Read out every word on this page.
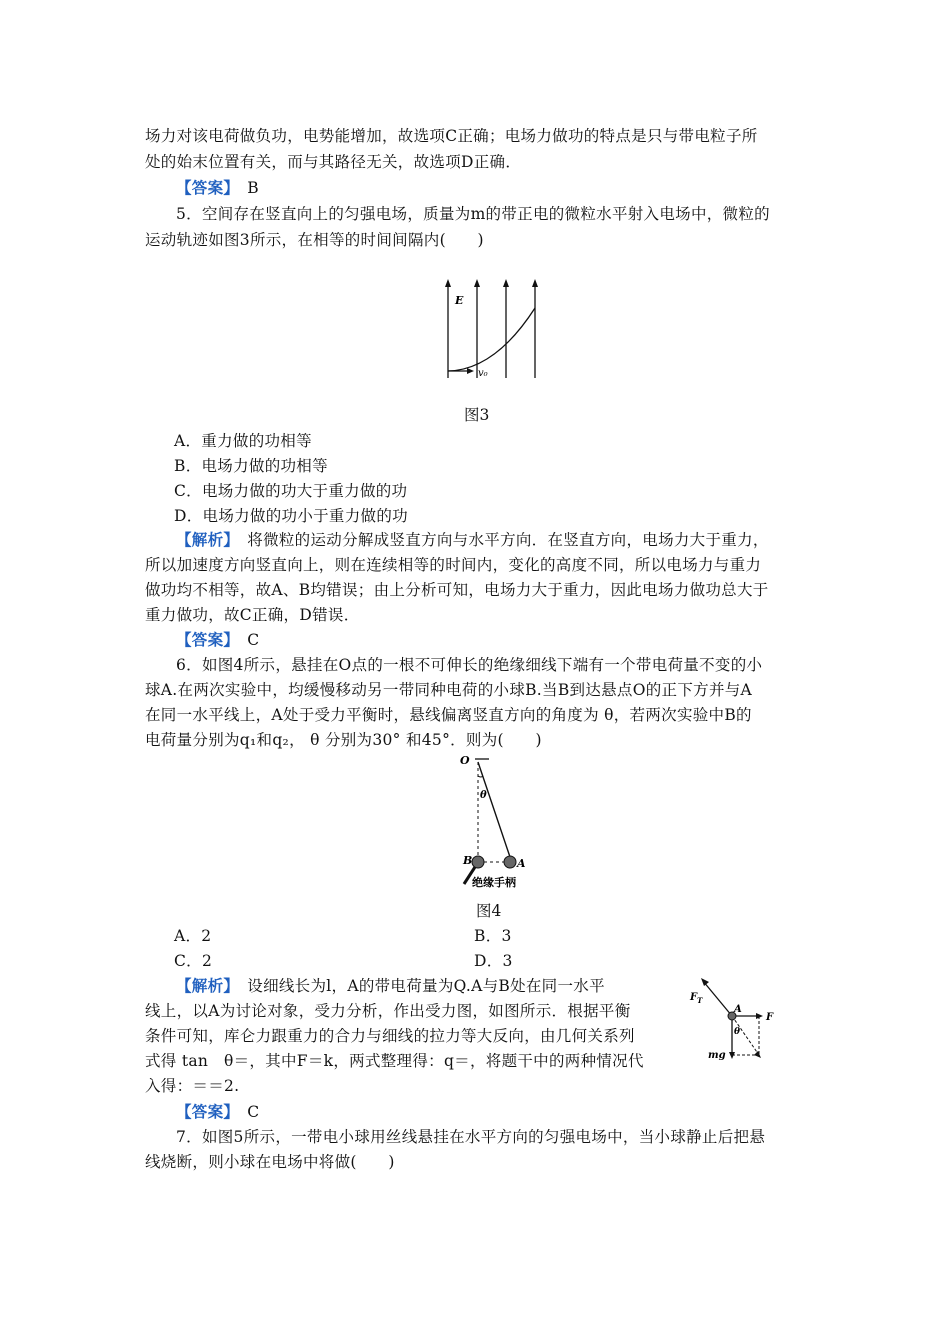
场力对该电荷做负功，电势能增加，故选项C正确；电场力做功的特点是只与带电粒子所
处的始末位置有关，而与其路径无关，故选项D正确．
【答案】　 B
5．空间存在竖直向上的匀强电场，质量为m的带正电的微粒水平射入电场中，微粒的
运动轨迹如图3所示，在相等的时间间隔内(　　)
E
v₀
图3
A．重力做的功相等
B．电场力做的功相等
C．电场力做的功大于重力做的功
D．电场力做的功小于重力做的功
【解析】　 将微粒的运动分解成竖直方向与水平方向．在竖直方向，电场力大于重力，
所以加速度方向竖直向上，则在连续相等的时间内，变化的高度不同，所以电场力与重力
做功均不相等，故A、B均错误；由上分析可知，电场力大于重力，因此电场力做功总大于
重力做功，故C正确，D错误．
【答案】　 C
6．如图4所示，悬挂在O点的一根不可伸长的绝缘细线下端有一个带电荷量不变的小
球A.在两次实验中，均缓慢移动另一带同种电荷的小球B.当B到达悬点O的正下方并与A
在同一水平线上，A处于受力平衡时，悬线偏离竖直方向的角度为 θ，若两次实验中B的
电荷量分别为q₁和q₂， θ 分别为30° 和45°．则为(　　)
O
θ
B	A
绝缘手柄
图4
A．2	B．3
C．2	D．3
【解析】　 设细线长为l，A的带电荷量为Q.A与B处在同一水平
线上，以A为讨论对象，受力分析，作出受力图，如图所示．根据平衡
条件可知，库仑力跟重力的合力与细线的拉力等大反向，由几何关系列
式得 tan　θ＝，其中F＝k，两式整理得：q＝，将题干中的两种情况代
入得：＝＝2.
$F_T$
A
F
θ
mg
【答案】　 C
7．如图5所示，一带电小球用丝线悬挂在水平方向的匀强电场中，当小球静止后把悬
线烧断，则小球在电场中将做(　　)
